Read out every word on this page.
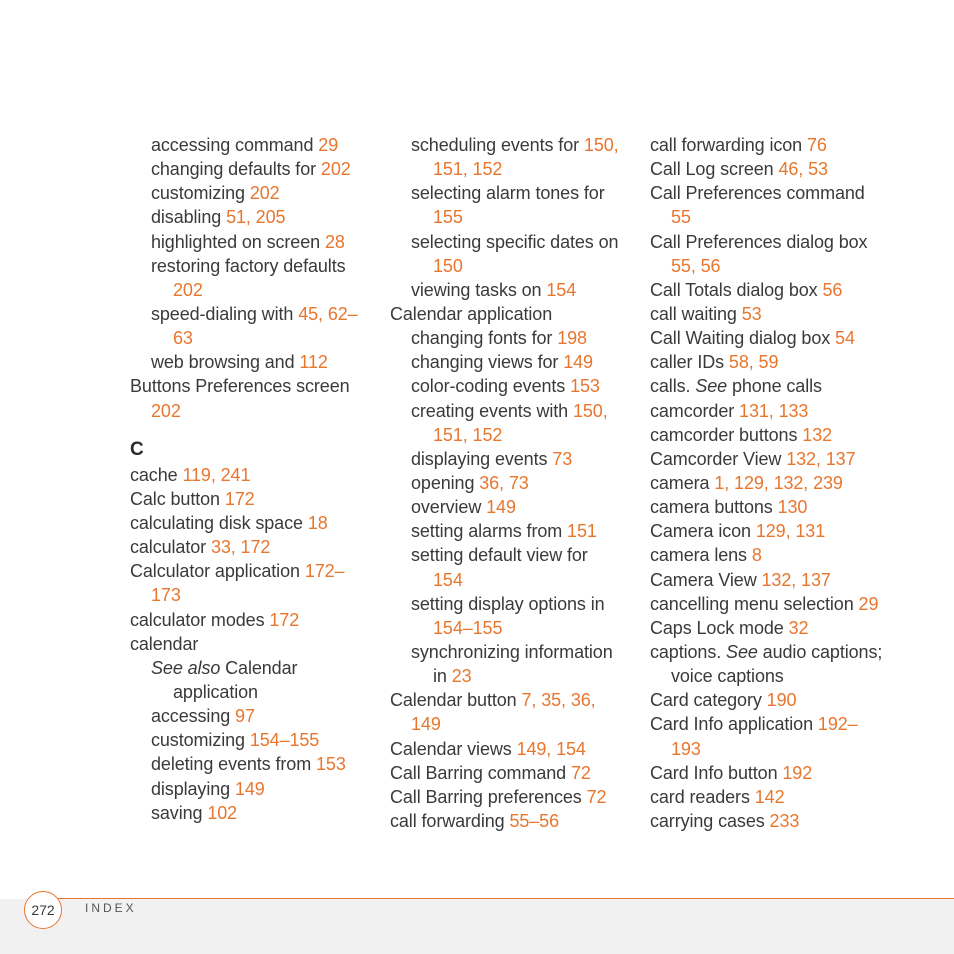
accessing command 29
changing defaults for 202
customizing 202
disabling 51, 205
highlighted on screen 28
restoring factory defaults
202
speed-dialing with 45, 62–
63
web browsing and 112
Buttons Preferences screen
202
C
cache 119, 241
Calc button 172
calculating disk space 18
calculator 33, 172
Calculator application 172–
173
calculator modes 172
calendar
See also Calendar
application
accessing 97
customizing 154–155
deleting events from 153
displaying 149
saving 102
scheduling events for 150,
151, 152
selecting alarm tones for
155
selecting specific dates on
150
viewing tasks on 154
Calendar application
changing fonts for 198
changing views for 149
color-coding events 153
creating events with 150,
151, 152
displaying events 73
opening 36, 73
overview 149
setting alarms from 151
setting default view for
154
setting display options in
154–155
synchronizing information
in 23
Calendar button 7, 35, 36,
149
Calendar views 149, 154
Call Barring command 72
Call Barring preferences 72
call forwarding 55–56
call forwarding icon 76
Call Log screen 46, 53
Call Preferences command
55
Call Preferences dialog box
55, 56
Call Totals dialog box 56
call waiting 53
Call Waiting dialog box 54
caller IDs 58, 59
calls. See phone calls
camcorder 131, 133
camcorder buttons 132
Camcorder View 132, 137
camera 1, 129, 132, 239
camera buttons 130
Camera icon 129, 131
camera lens 8
Camera View 132, 137
cancelling menu selection 29
Caps Lock mode 32
captions. See audio captions;
voice captions
Card category 190
Card Info application 192–
193
Card Info button 192
card readers 142
carrying cases 233
272	INDEX
